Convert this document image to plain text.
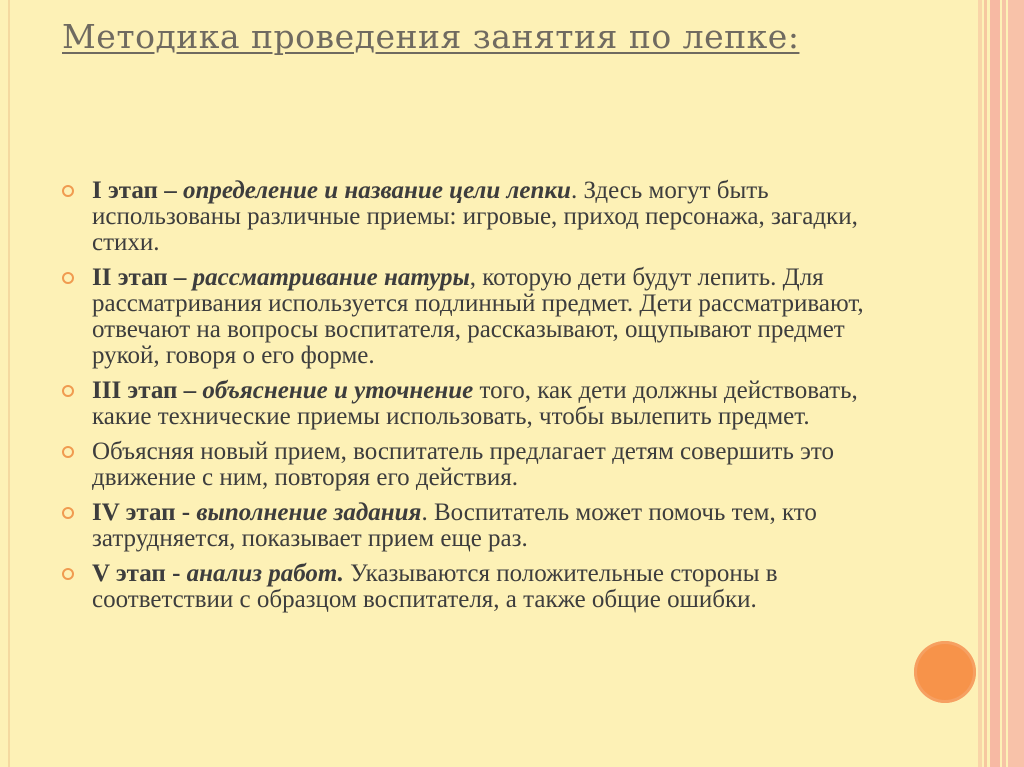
Методика проведения занятия по лепке:
I этап – определение и название цели лепки. Здесь могут быть использованы различные приемы: игровые, приход персонажа, загадки, стихи.
II этап – рассматривание натуры, которую дети будут лепить. Для рассматривания используется подлинный предмет. Дети рассматривают, отвечают на вопросы воспитателя, рассказывают, ощупывают предмет рукой, говоря о его форме.
III этап – объяснение и уточнение того, как дети должны действовать, какие технические приемы использовать, чтобы вылепить предмет.
Объясняя новый прием, воспитатель предлагает детям совершить это движение с ним, повторяя его действия.
IV этап - выполнение задания. Воспитатель может помочь тем, кто затрудняется, показывает прием еще раз.
V этап - анализ работ. Указываются положительные стороны в соответствии с образцом воспитателя, а также общие ошибки.
